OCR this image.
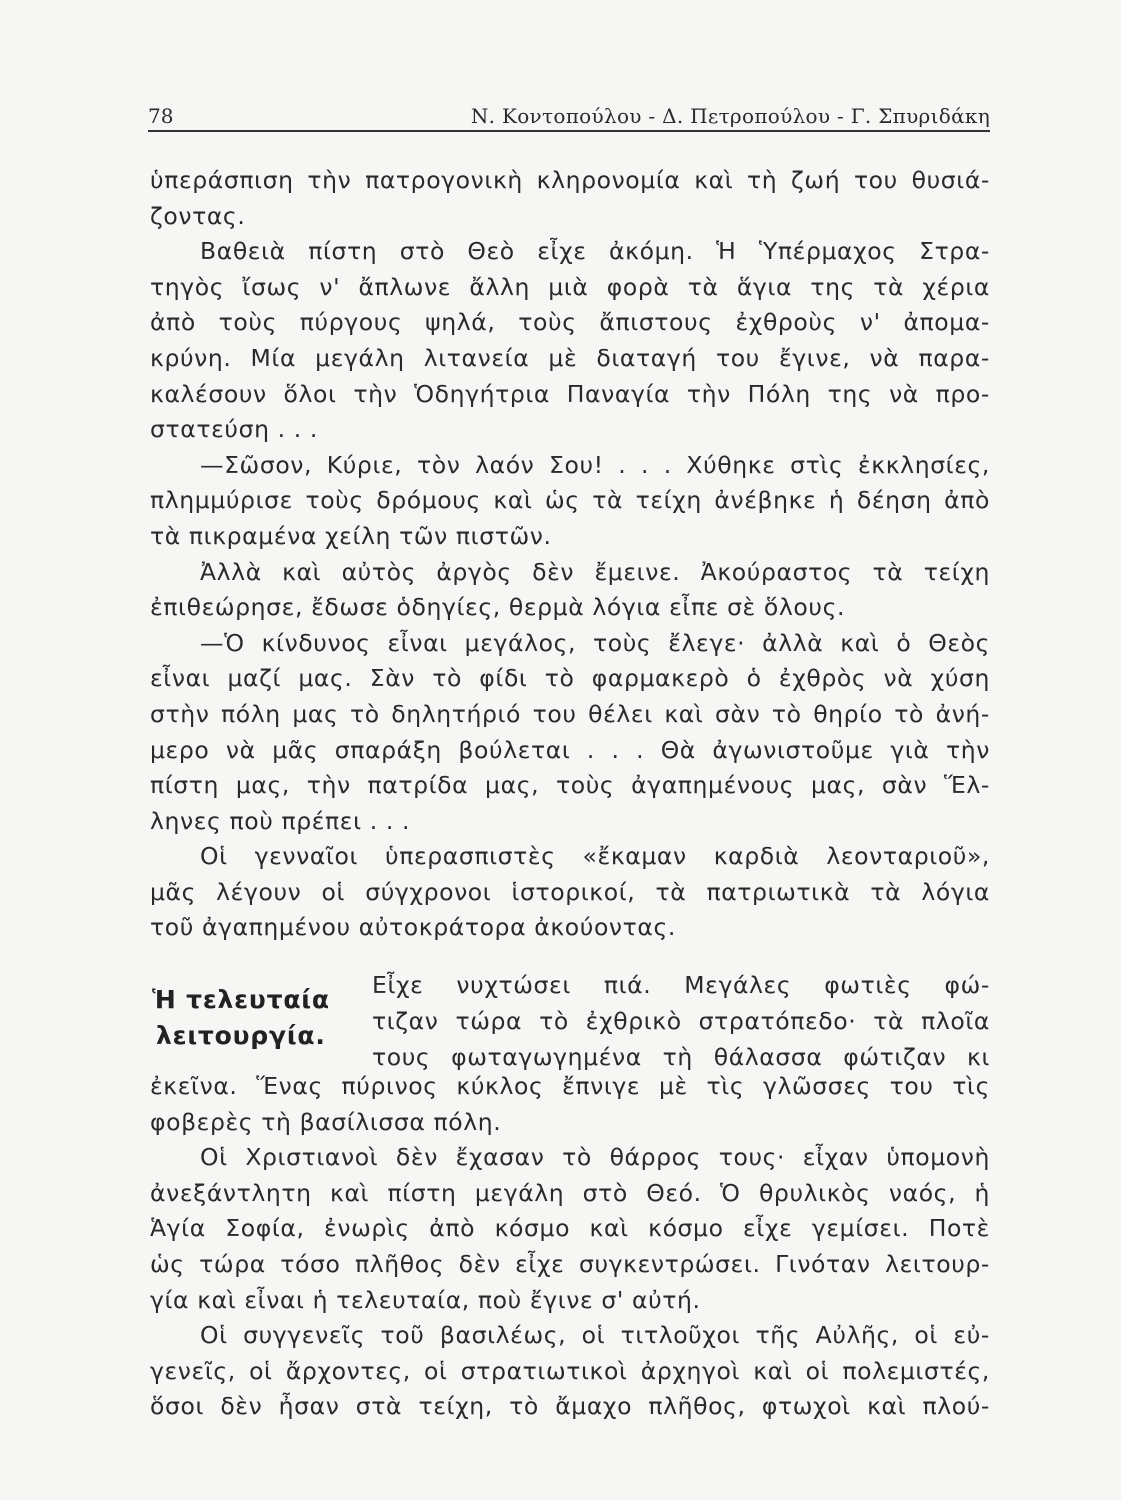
78	Ν. Κοντοπούλου - Δ. Πετροπούλου - Γ. Σπυριδάκη
ὑπεράσπιση τὴν πατρογονικὴ κληρονομία καὶ τὴ ζωή του θυσιά-
ζοντας.
Βαθειὰ πίστη στὸ Θεὸ εἶχε ἀκόμη. Ἡ Ὑπέρμαχος Στρα-
τηγὸς ἴσως ν' ἄπλωνε ἄλλη μιὰ φορὰ τὰ ἅγια της τὰ χέρια
ἀπὸ τοὺς πύργους ψηλά, τοὺς ἄπιστους ἐχθροὺς ν' ἀπομα-
κρύνη. Μία μεγάλη λιτανεία μὲ διαταγή του ἔγινε, νὰ παρα-
καλέσουν ὅλοι τὴν Ὁδηγήτρια Παναγία τὴν Πόλη της νὰ προ-
στατεύση . . .
—Σῶσον, Κύριε, τὸν λαόν Σου! . . . Χύθηκε στὶς ἐκκλησίες,
πλημμύρισε τοὺς δρόμους καὶ ὡς τὰ τείχη ἀνέβηκε ἡ δέηση ἀπὸ
τὰ πικραμένα χείλη τῶν πιστῶν.
Ἀλλὰ καὶ αὐτὸς ἀργὸς δὲν ἔμεινε. Ἀκούραστος τὰ τείχη
ἐπιθεώρησε, ἔδωσε ὁδηγίες, θερμὰ λόγια εἶπε σὲ ὅλους.
—Ὁ κίνδυνος εἶναι μεγάλος, τοὺς ἔλεγε· ἀλλὰ καὶ ὁ Θεὸς
εἶναι μαζί μας. Σὰν τὸ φίδι τὸ φαρμακερὸ ὁ ἐχθρὸς νὰ χύση
στὴν πόλη μας τὸ δηλητήριό του θέλει καὶ σὰν τὸ θηρίο τὸ ἀνή-
μερο νὰ μᾶς σπαράξη βούλεται . . . Θὰ ἀγωνιστοῦμε γιὰ τὴν
πίστη μας, τὴν πατρίδα μας, τοὺς ἀγαπημένους μας, σὰν Ἕλ-
ληνες ποὺ πρέπει . . .
Οἱ γενναῖοι ὑπερασπιστὲς «ἔκαμαν καρδιὰ λεονταριοῦ»,
μᾶς λέγουν οἱ σύγχρονοι ἱστορικοί, τὰ πατριωτικὰ τὰ λόγια
τοῦ ἀγαπημένου αὐτοκράτορα ἀκούοντας.
Ἡ τελευταία
λειτουργία.
Εἶχε νυχτώσει πιά. Μεγάλες φωτιὲς φώ-
τιζαν τώρα τὸ ἐχθρικὸ στρατόπεδο· τὰ πλοῖα
τους φωταγωγημένα τὴ θάλασσα φώτιζαν κι
ἐκεῖνα. Ἕνας πύρινος κύκλος ἔπνιγε μὲ τὶς γλῶσσες του τὶς
φοβερὲς τὴ βασίλισσα πόλη.
Οἱ Χριστιανοὶ δὲν ἔχασαν τὸ θάρρος τους· εἶχαν ὑπομονὴ
ἀνεξάντλητη καὶ πίστη μεγάλη στὸ Θεό. Ὁ θρυλικὸς ναός, ἡ
Ἁγία Σοφία, ἐνωρὶς ἀπὸ κόσμο καὶ κόσμο εἶχε γεμίσει. Ποτὲ
ὡς τώρα τόσο πλῆθος δὲν εἶχε συγκεντρώσει. Γινόταν λειτουρ-
γία καὶ εἶναι ἡ τελευταία, ποὺ ἔγινε σ' αὐτή.
Οἱ συγγενεῖς τοῦ βασιλέως, οἱ τιτλοῦχοι τῆς Αὐλῆς, οἱ εὐ-
γενεῖς, οἱ ἄρχοντες, οἱ στρατιωτικοὶ ἀρχηγοὶ καὶ οἱ πολεμιστές,
ὅσοι δὲν ἦσαν στὰ τείχη, τὸ ἄμαχο πλῆθος, φτωχοὶ καὶ πλού-
